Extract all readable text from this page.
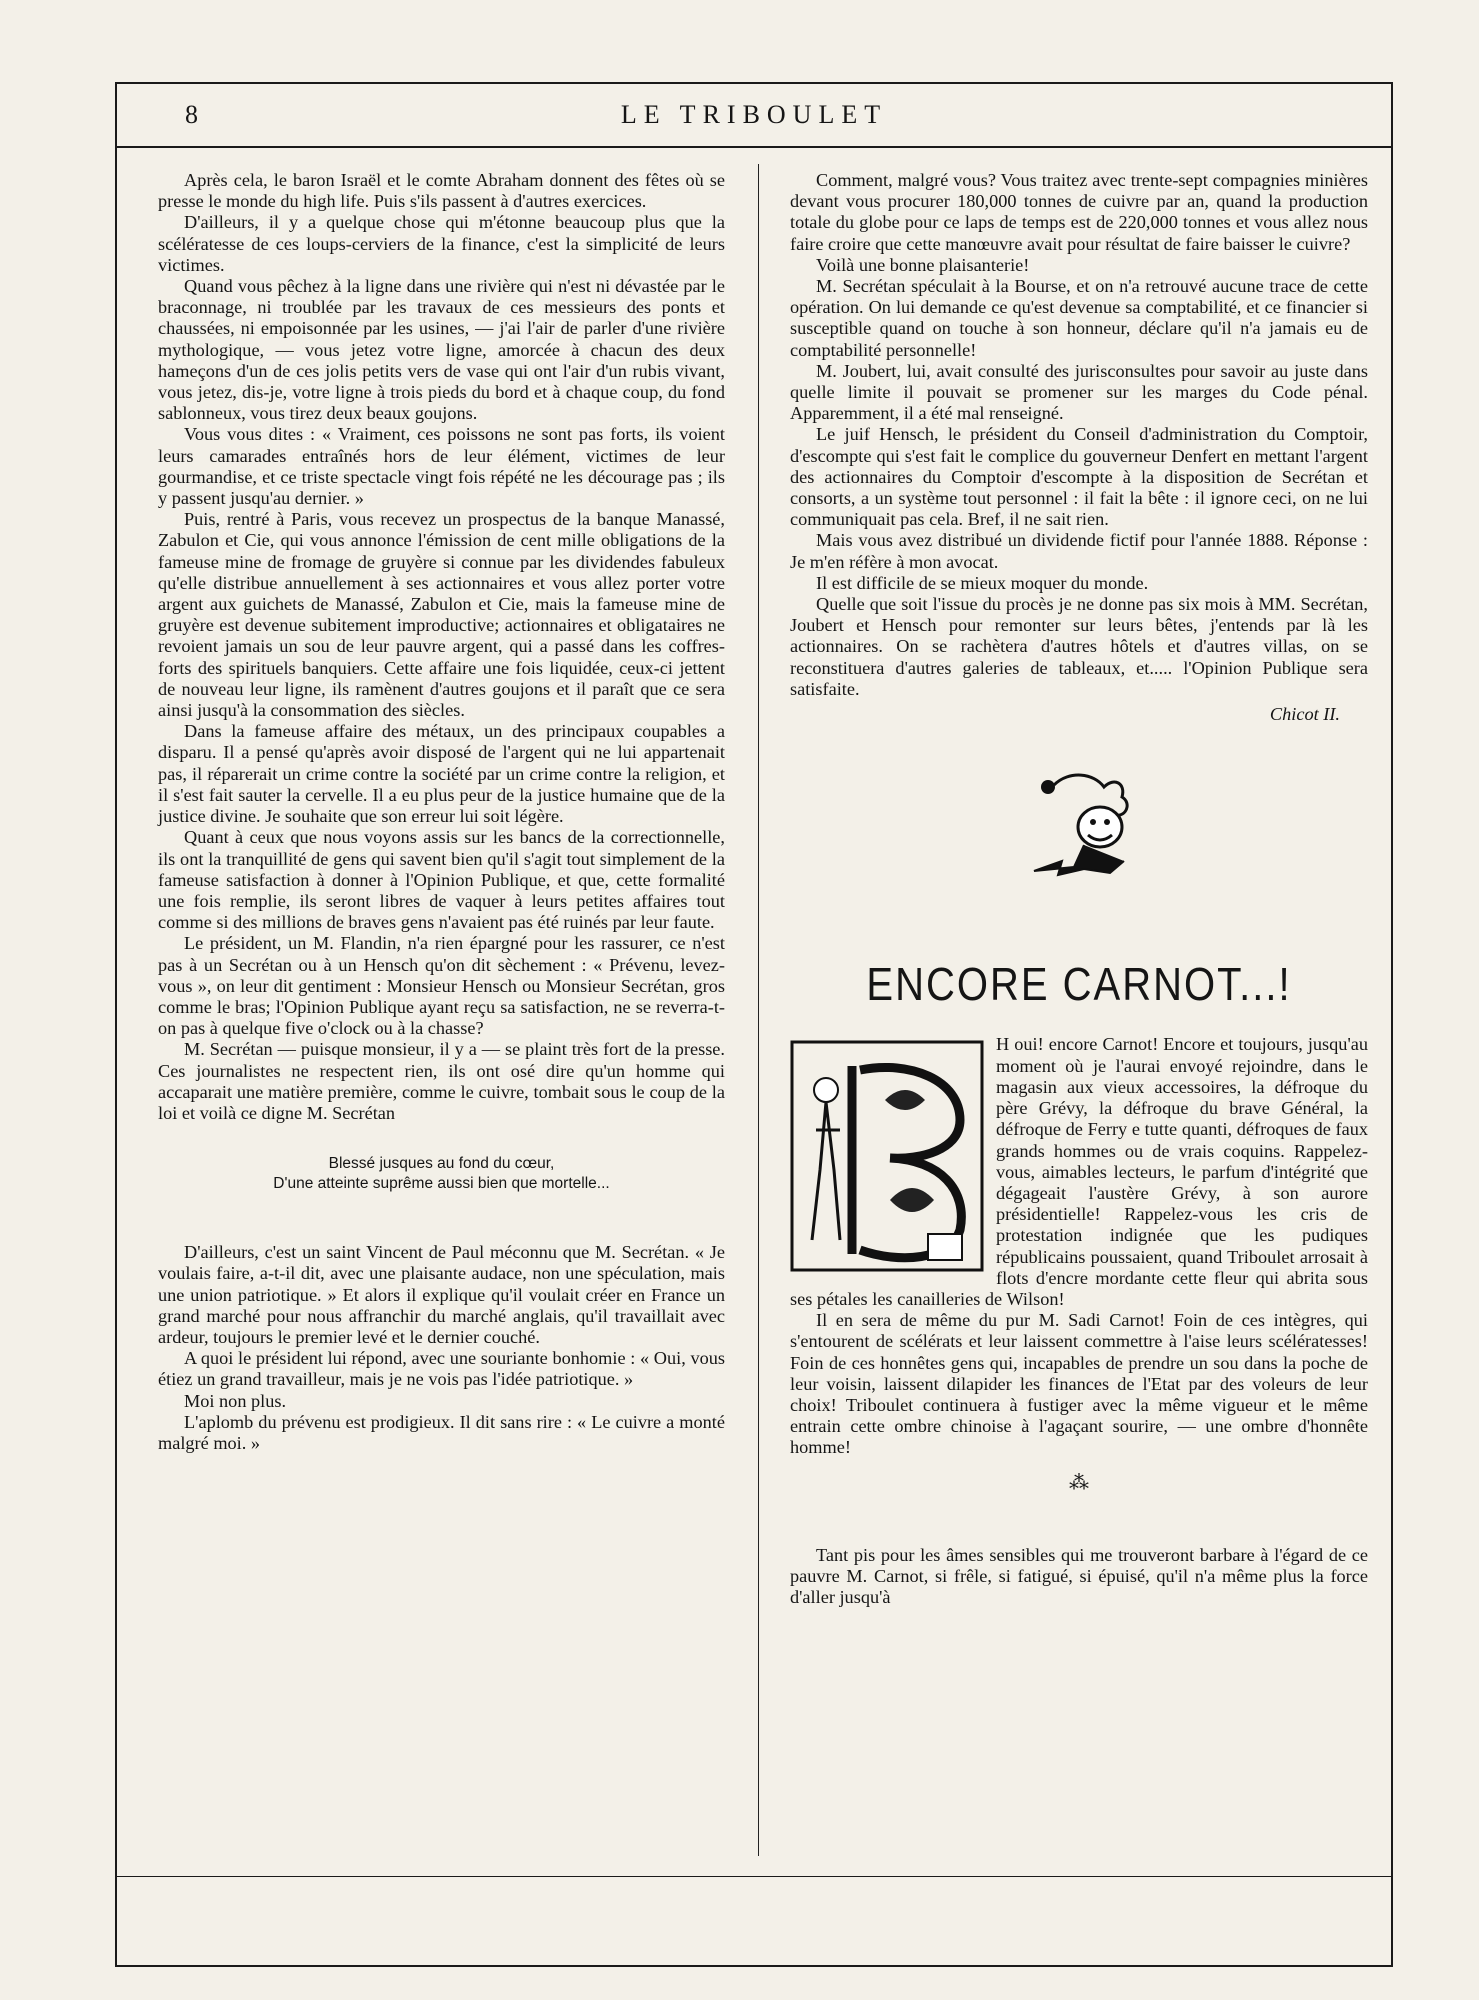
8	LE TRIBOULET

Après cela, le baron Israël et le comte Abraham donnent des fêtes où se presse le monde du high life. Puis s'ils passent à d'autres exercices.

D'ailleurs, il y a quelque chose qui m'étonne beaucoup plus que la scélératesse de ces loups-cerviers de la finance, c'est la simplicité de leurs victimes.

Quand vous pêchez à la ligne dans une rivière qui n'est ni dévastée par le braconnage, ni troublée par les travaux de ces messieurs des ponts et chaussées, ni empoisonnée par les usines, — j'ai l'air de parler d'une rivière mythologique, — vous jetez votre ligne, amorcée à chacun des deux hameçons d'un de ces jolis petits vers de vase qui ont l'air d'un rubis vivant, vous jetez, dis-je, votre ligne à trois pieds du bord et à chaque coup, du fond sablonneux, vous tirez deux beaux goujons.

Vous vous dites : « Vraiment, ces poissons ne sont pas forts, ils voient leurs camarades entraînés hors de leur élément, victimes de leur gourmandise, et ce triste spectacle vingt fois répété ne les décourage pas ; ils y passent jusqu'au dernier. »

Puis, rentré à Paris, vous recevez un prospectus de la banque Manassé, Zabulon et Cie, qui vous annonce l'émission de cent mille obligations de la fameuse mine de fromage de gruyère si connue par les dividendes fabuleux qu'elle distribue annuellement à ses actionnaires et vous allez porter votre argent aux guichets de Manassé, Zabulon et Cie, mais la fameuse mine de gruyère est devenue subitement improductive; actionnaires et obligataires ne revoient jamais un sou de leur pauvre argent, qui a passé dans les coffres-forts des spirituels banquiers. Cette affaire une fois liquidée, ceux-ci jettent de nouveau leur ligne, ils ramènent d'autres goujons et il paraît que ce sera ainsi jusqu'à la consommation des siècles.

Dans la fameuse affaire des métaux, un des principaux coupables a disparu. Il a pensé qu'après avoir disposé de l'argent qui ne lui appartenait pas, il réparerait un crime contre la société par un crime contre la religion, et il s'est fait sauter la cervelle. Il a eu plus peur de la justice humaine que de la justice divine. Je souhaite que son erreur lui soit légère.

Quant à ceux que nous voyons assis sur les bancs de la correctionnelle, ils ont la tranquillité de gens qui savent bien qu'il s'agit tout simplement de la fameuse satisfaction à donner à l'Opinion Publique, et que, cette formalité une fois remplie, ils seront libres de vaquer à leurs petites affaires tout comme si des millions de braves gens n'avaient pas été ruinés par leur faute.

Le président, un M. Flandin, n'a rien épargné pour les rassurer, ce n'est pas à un Secrétan ou à un Hensch qu'on dit sèchement : « Prévenu, levez-vous », on leur dit gentiment : Monsieur Hensch ou Monsieur Secrétan, gros comme le bras; l'Opinion Publique ayant reçu sa satisfaction, ne se reverra-t-on pas à quelque five o'clock ou à la chasse?

M. Secrétan — puisque monsieur, il y a — se plaint très fort de la presse. Ces journalistes ne respectent rien, ils ont osé dire qu'un homme qui accaparait une matière première, comme le cuivre, tombait sous le coup de la loi et voilà ce digne M. Secrétan

Blessé jusques au fond du cœur,
D'une atteinte suprême aussi bien que mortelle...

D'ailleurs, c'est un saint Vincent de Paul méconnu que M. Secrétan. « Je voulais faire, a-t-il dit, avec une plaisante audace, non une spéculation, mais une union patriotique. » Et alors il explique qu'il voulait créer en France un grand marché pour nous affranchir du marché anglais, qu'il travaillait avec ardeur, toujours le premier levé et le dernier couché.

A quoi le président lui répond, avec une souriante bonhomie : « Oui, vous étiez un grand travailleur, mais je ne vois pas l'idée patriotique. »

Moi non plus.

L'aplomb du prévenu est prodigieux. Il dit sans rire : « Le cuivre a monté malgré moi. »

Comment, malgré vous? Vous traitez avec trente-sept compagnies minières devant vous procurer 180,000 tonnes de cuivre par an, quand la production totale du globe pour ce laps de temps est de 220,000 tonnes et vous allez nous faire croire que cette manœuvre avait pour résultat de faire baisser le cuivre?

Voilà une bonne plaisanterie!

M. Secrétan spéculait à la Bourse, et on n'a retrouvé aucune trace de cette opération. On lui demande ce qu'est devenue sa comptabilité, et ce financier si susceptible quand on touche à son honneur, déclare qu'il n'a jamais eu de comptabilité personnelle!

M. Joubert, lui, avait consulté des jurisconsultes pour savoir au juste dans quelle limite il pouvait se promener sur les marges du Code pénal. Apparemment, il a été mal renseigné.

Le juif Hensch, le président du Conseil d'administration du Comptoir, d'escompte qui s'est fait le complice du gouverneur Denfert en mettant l'argent des actionnaires du Comptoir d'escompte à la disposition de Secrétan et consorts, a un système tout personnel : il fait la bête : il ignore ceci, on ne lui communiquait pas cela. Bref, il ne sait rien.

Mais vous avez distribué un dividende fictif pour l'année 1888. Réponse : Je m'en réfère à mon avocat.

Il est difficile de se mieux moquer du monde.

Quelle que soit l'issue du procès je ne donne pas six mois à MM. Secrétan, Joubert et Hensch pour remonter sur leurs bêtes, j'entends par là les actionnaires. On se rachètera d'autres hôtels et d'autres villas, on se reconstituera d'autres galeries de tableaux, et..... l'Opinion Publique sera satisfaite.

Chicot II.
ENCORE CARNOT...!

H oui! encore Carnot! Encore et toujours, jusqu'au moment où je l'aurai envoyé rejoindre, dans le magasin aux vieux accessoires, la défroque du père Grévy, la défroque du brave Général, la défroque de Ferry e tutte quanti, défroques de faux grands hommes ou de vrais coquins. Rappelez-vous, aimables lecteurs, le parfum d'intégrité que dégageait l'austère Grévy, à son aurore présidentielle! Rappelez-vous les cris de protestation indignée que les pudiques républicains poussaient, quand Triboulet arrosait à flots d'encre mordante cette fleur qui abrita sous ses pétales les canailleries de Wilson!

Il en sera de même du pur M. Sadi Carnot! Foin de ces intègres, qui s'entourent de scélérats et leur laissent commettre à l'aise leurs scélératesses! Foin de ces honnêtes gens qui, incapables de prendre un sou dans la poche de leur voisin, laissent dilapider les finances de l'Etat par des voleurs de leur choix! Triboulet continuera à fustiger avec la même vigueur et le même entrain cette ombre chinoise à l'agaçant sourire, — une ombre d'honnête homme!

⁂

Tant pis pour les âmes sensibles qui me trouveront barbare à l'égard de ce pauvre M. Carnot, si frêle, si fatigué, si épuisé, qu'il n'a même plus la force d'aller jusqu'à
